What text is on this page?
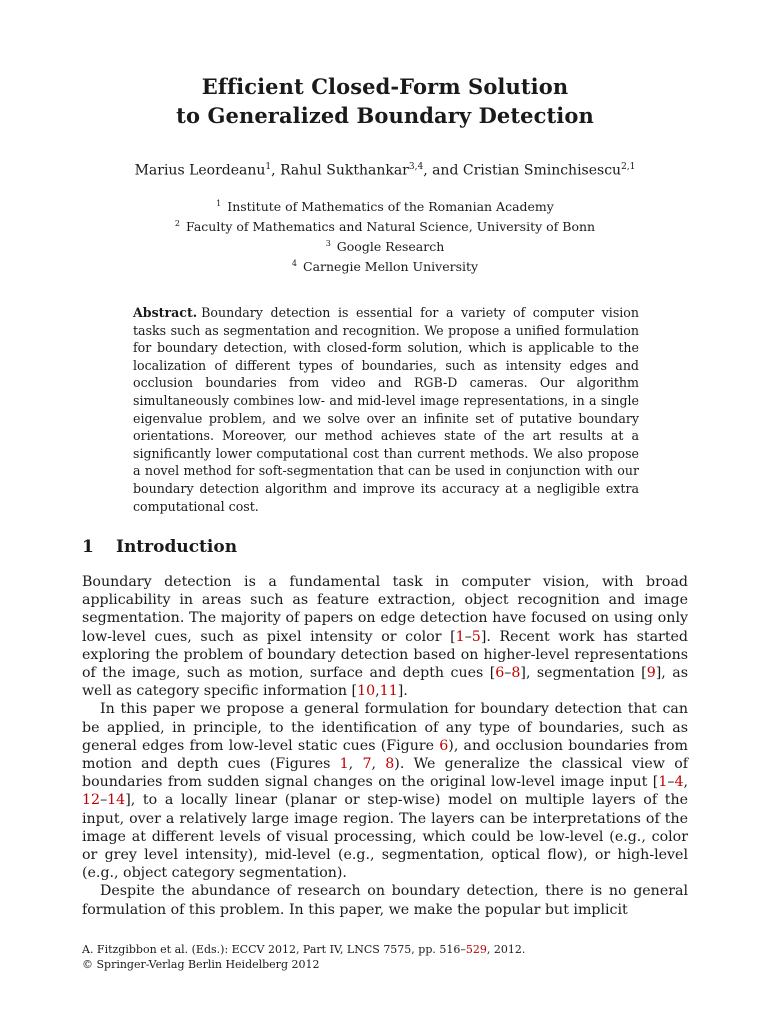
Efficient Closed-Form Solution
to Generalized Boundary Detection
Marius Leordeanu$^1$, Rahul Sukthankar$^{3,4}$, and Cristian Sminchisescu$^{2,1}$
$^1$ Institute of Mathematics of the Romanian Academy
$^2$ Faculty of Mathematics and Natural Science, University of Bonn
$^3$ Google Research
$^4$ Carnegie Mellon University
Abstract. Boundary detection is essential for a variety of computer vision tasks such as segmentation and recognition. We propose a unified formulation for boundary detection, with closed-form solution, which is applicable to the localization of different types of boundaries, such as intensity edges and occlusion boundaries from video and RGB-D cameras. Our algorithm simultaneously combines low- and mid-level image representations, in a single eigenvalue problem, and we solve over an infinite set of putative boundary orientations. Moreover, our method achieves state of the art results at a significantly lower computational cost than current methods. We also propose a novel method for soft-segmentation that can be used in conjunction with our boundary detection algorithm and improve its accuracy at a negligible extra computational cost.
1 Introduction

Boundary detection is a fundamental task in computer vision, with broad applicability in areas such as feature extraction, object recognition and image segmentation. The majority of papers on edge detection have focused on using only low-level cues, such as pixel intensity or color [1–5]. Recent work has started exploring the problem of boundary detection based on higher-level representations of the image, such as motion, surface and depth cues [6–8], segmentation [9], as well as category specific information [10,11].

In this paper we propose a general formulation for boundary detection that can be applied, in principle, to the identification of any type of boundaries, such as general edges from low-level static cues (Figure 6), and occlusion boundaries from motion and depth cues (Figures 1, 7, 8). We generalize the classical view of boundaries from sudden signal changes on the original low-level image input [1–4, 12–14], to a locally linear (planar or step-wise) model on multiple layers of the input, over a relatively large image region. The layers can be interpretations of the image at different levels of visual processing, which could be low-level (e.g., color or grey level intensity), mid-level (e.g., segmentation, optical flow), or high-level (e.g., object category segmentation).

Despite the abundance of research on boundary detection, there is no general formulation of this problem. In this paper, we make the popular but implicit

A. Fitzgibbon et al. (Eds.): ECCV 2012, Part IV, LNCS 7575, pp. 516–529, 2012.
© Springer-Verlag Berlin Heidelberg 2012
